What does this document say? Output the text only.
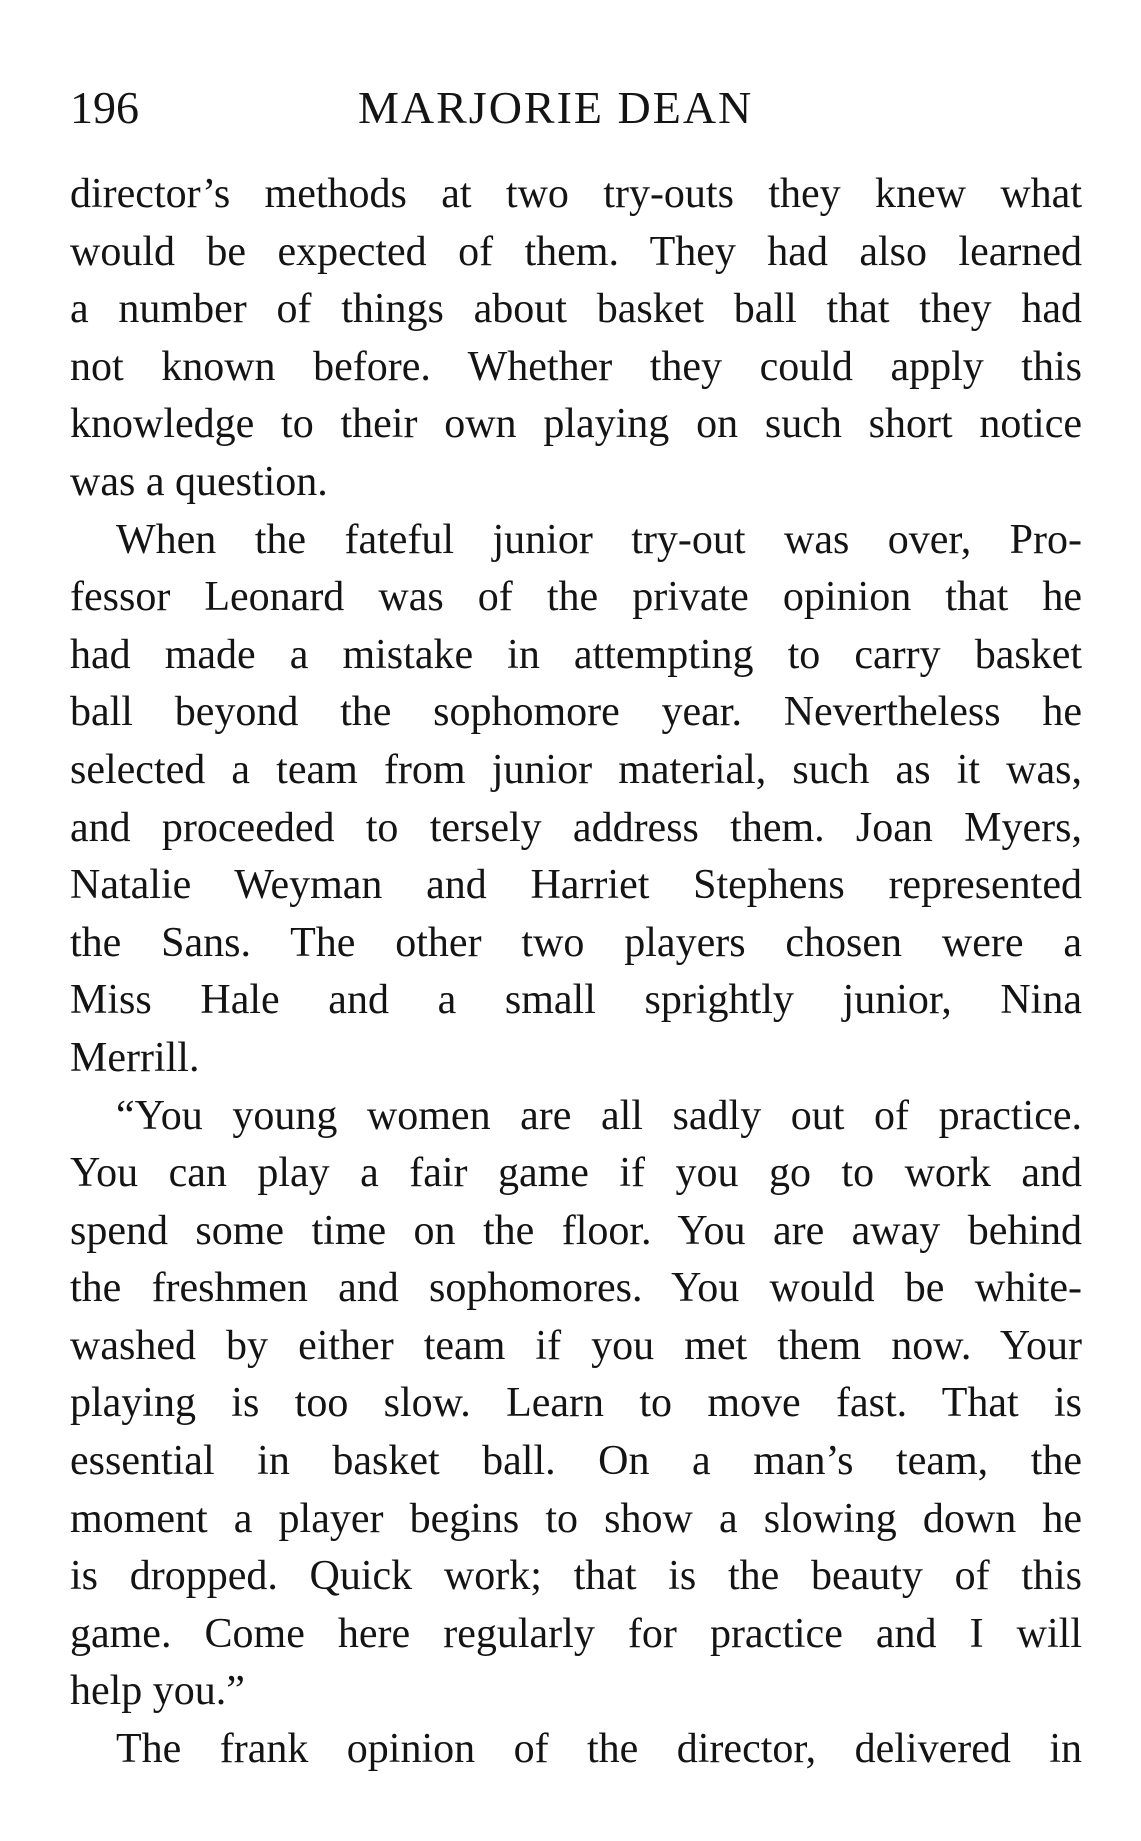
196	MARJORIE DEAN
director’s methods at two try-outs they knew what
would be expected of them. They had also learned
a number of things about basket ball that they had
not known before. Whether they could apply this
knowledge to their own playing on such short notice
was a question.
When the fateful junior try-out was over, Pro-
fessor Leonard was of the private opinion that he
had made a mistake in attempting to carry basket
ball beyond the sophomore year. Nevertheless he
selected a team from junior material, such as it was,
and proceeded to tersely address them. Joan Myers,
Natalie Weyman and Harriet Stephens represented
the Sans. The other two players chosen were a
Miss Hale and a small sprightly junior, Nina
Merrill.
“You young women are all sadly out of practice.
You can play a fair game if you go to work and
spend some time on the floor. You are away behind
the freshmen and sophomores. You would be white-
washed by either team if you met them now. Your
playing is too slow. Learn to move fast. That is
essential in basket ball. On a man’s team, the
moment a player begins to show a slowing down he
is dropped. Quick work; that is the beauty of this
game. Come here regularly for practice and I will
help you.”
The frank opinion of the director, delivered in
